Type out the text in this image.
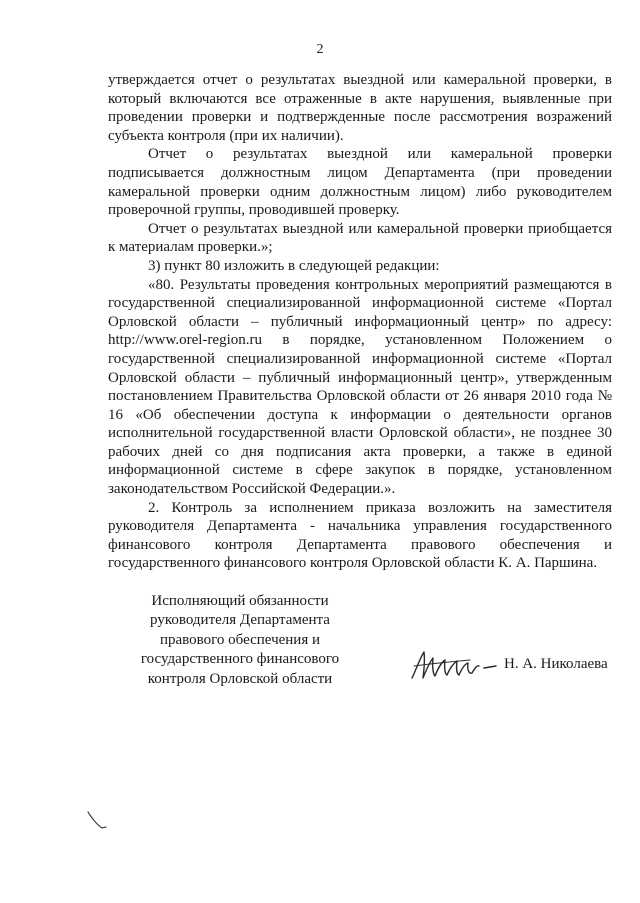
2

утверждается отчет о результатах выездной или камеральной проверки, в который включаются все отраженные в акте нарушения, выявленные при проведении проверки и подтвержденные после рассмотрения возражений субъекта контроля (при их наличии).

Отчет о результатах выездной или камеральной проверки подписывается должностным лицом Департамента (при проведении камеральной проверки одним должностным лицом) либо руководителем проверочной группы, проводившей проверку.

Отчет о результатах выездной или камеральной проверки приобщается к материалам проверки.»;

3) пункт 80 изложить в следующей редакции:

«80. Результаты проведения контрольных мероприятий размещаются в государственной специализированной информационной системе «Портал Орловской области – публичный информационный центр» по адресу: http://www.orel-region.ru в порядке, установленном Положением о государственной специализированной информационной системе «Портал Орловской области – публичный информационный центр», утвержденным постановлением Правительства Орловской области от 26 января 2010 года № 16 «Об обеспечении доступа к информации о деятельности органов исполнительной государственной власти Орловской области», не позднее 30 рабочих дней со дня подписания акта проверки, а также в единой информационной системе в сфере закупок в порядке, установленном законодательством Российской Федерации.».

2. Контроль за исполнением приказа возложить на заместителя руководителя Департамента - начальника управления государственного финансового контроля Департамента правового обеспечения и государственного финансового контроля Орловской области К. А. Паршина.

Исполняющий обязанности
руководителя Департамента
правового обеспечения и
государственного финансового
контроля Орловской области
Н. А. Николаева
